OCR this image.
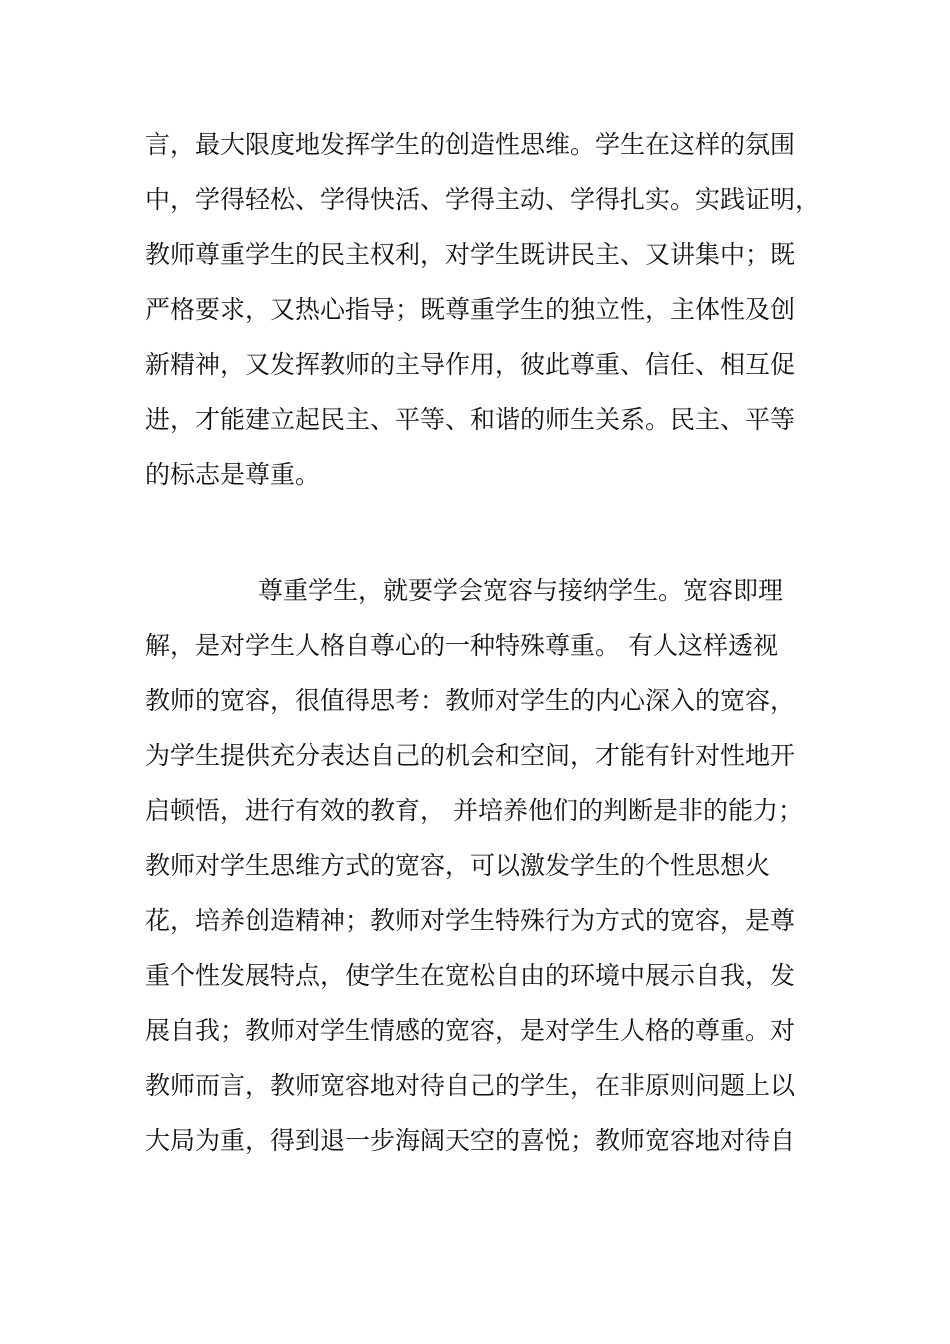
言，最大限度地发挥学生的创造性思维。学生在这样的氛围
中，学得轻松、学得快活、学得主动、学得扎实。实践证明，
教师尊重学生的民主权利，对学生既讲民主、又讲集中；既
严格要求，又热心指导；既尊重学生的独立性，主体性及创
新精神，又发挥教师的主导作用，彼此尊重、信任、相互促
进，才能建立起民主、平等、和谐的师生关系。民主、平等
的标志是尊重。
尊重学生，就要学会宽容与接纳学生。宽容即理
解，是对学生人格自尊心的一种特殊尊重。 有人这样透视
教师的宽容，很值得思考：教师对学生的内心深入的宽容，
为学生提供充分表达自己的机会和空间，才能有针对性地开
启顿悟，进行有效的教育， 并培养他们的判断是非的能力；
教师对学生思维方式的宽容，可以激发学生的个性思想火
花，培养创造精神；教师对学生特殊行为方式的宽容，是尊
重个性发展特点，使学生在宽松自由的环境中展示自我，发
展自我；教师对学生情感的宽容，是对学生人格的尊重。对
教师而言，教师宽容地对待自己的学生，在非原则问题上以
大局为重，得到退一步海阔天空的喜悦；教师宽容地对待自
